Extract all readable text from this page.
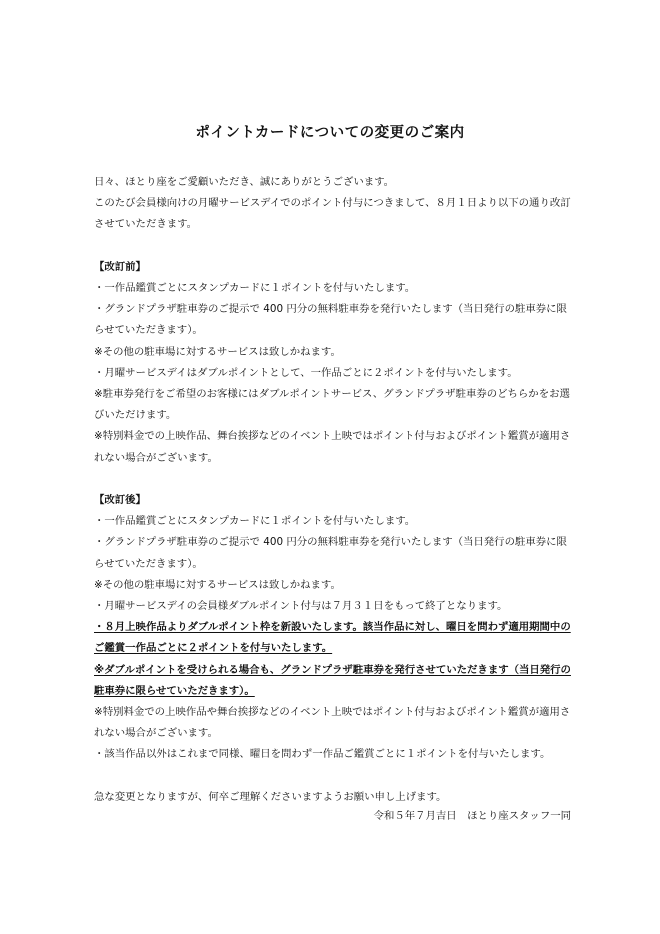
ポイントカードについての変更のご案内

日々、ほとり座をご愛顧いただき、誠にありがとうございます。

このたび会員様向けの月曜サービスデイでのポイント付与につきまして、８月１日より以下の通り改訂させていただきます。

【改訂前】

・一作品鑑賞ごとにスタンプカードに１ポイントを付与いたします。

・グランドプラザ駐車券のご提示で 400 円分の無料駐車券を発行いたします（当日発行の駐車券に限らせていただきます）。

※その他の駐車場に対するサービスは致しかねます。

・月曜サービスデイはダブルポイントとして、一作品ごとに２ポイントを付与いたします。

※駐車券発行をご希望のお客様にはダブルポイントサービス、グランドプラザ駐車券のどちらかをお選びいただけます。

※特別料金での上映作品、舞台挨拶などのイベント上映ではポイント付与およびポイント鑑賞が適用されない場合がございます。

【改訂後】

・一作品鑑賞ごとにスタンプカードに１ポイントを付与いたします。

・グランドプラザ駐車券のご提示で 400 円分の無料駐車券を発行いたします（当日発行の駐車券に限らせていただきます）。

※その他の駐車場に対するサービスは致しかねます。

・月曜サービスデイの会員様ダブルポイント付与は７月３１日をもって終了となります。

・８月上映作品よりダブルポイント枠を新設いたします。該当作品に対し、曜日を問わず適用期間中のご鑑賞一作品ごとに２ポイントを付与いたします。

※ダブルポイントを受けられる場合も、グランドプラザ駐車券を発行させていただきます（当日発行の駐車券に限らせていただきます）。

※特別料金での上映作品や舞台挨拶などのイベント上映ではポイント付与およびポイント鑑賞が適用されない場合がございます。

・該当作品以外はこれまで同様、曜日を問わず一作品ご鑑賞ごとに１ポイントを付与いたします。

急な変更となりますが、何卒ご理解くださいますようお願い申し上げます。

令和５年７月吉日　ほとり座スタッフ一同
